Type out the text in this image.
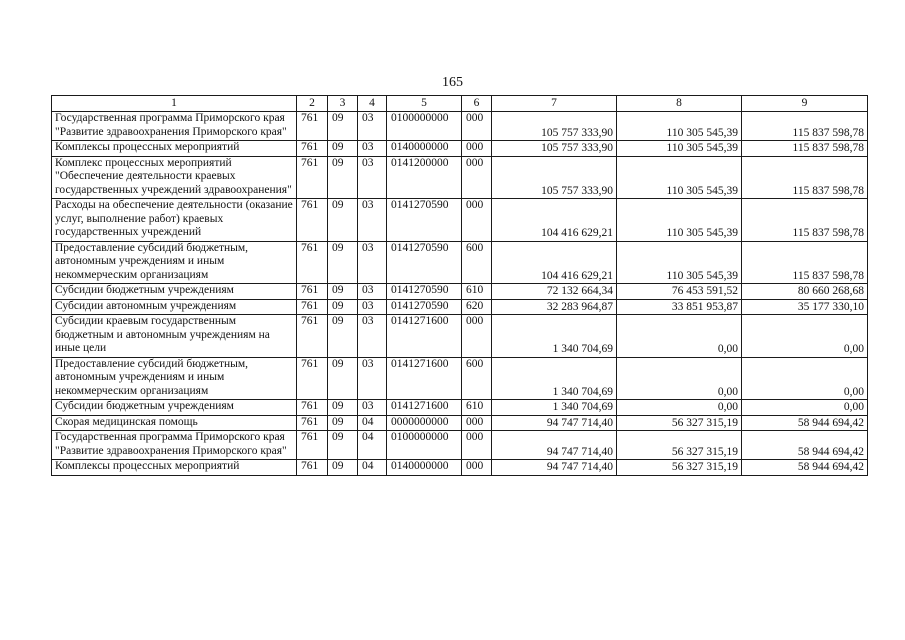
165
1	2	3	4	5	6	7	8	9
Государственная программа Приморского края "Развитие здравоохранения Приморского края"	761	09	03	0100000000	000	105 757 333,90	110 305 545,39	115 837 598,78
Комплексы процессных мероприятий	761	09	03	0140000000	000	105 757 333,90	110 305 545,39	115 837 598,78
Комплекс процессных мероприятий "Обеспечение деятельности краевых государственных учреждений здравоохранения"	761	09	03	0141200000	000	105 757 333,90	110 305 545,39	115 837 598,78
Расходы на обеспечение деятельности (оказание услуг, выполнение работ) краевых государственных учреждений	761	09	03	0141270590	000	104 416 629,21	110 305 545,39	115 837 598,78
Предоставление субсидий бюджетным, автономным учреждениям и иным некоммерческим организациям	761	09	03	0141270590	600	104 416 629,21	110 305 545,39	115 837 598,78
Субсидии бюджетным учреждениям	761	09	03	0141270590	610	72 132 664,34	76 453 591,52	80 660 268,68
Субсидии автономным учреждениям	761	09	03	0141270590	620	32 283 964,87	33 851 953,87	35 177 330,10
Субсидии краевым государственным бюджетным и автономным учреждениям на иные цели	761	09	03	0141271600	000	1 340 704,69	0,00	0,00
Предоставление субсидий бюджетным, автономным учреждениям и иным некоммерческим организациям	761	09	03	0141271600	600	1 340 704,69	0,00	0,00
Субсидии бюджетным учреждениям	761	09	03	0141271600	610	1 340 704,69	0,00	0,00
Скорая медицинская помощь	761	09	04	0000000000	000	94 747 714,40	56 327 315,19	58 944 694,42
Государственная программа Приморского края "Развитие здравоохранения Приморского края"	761	09	04	0100000000	000	94 747 714,40	56 327 315,19	58 944 694,42
Комплексы процессных мероприятий	761	09	04	0140000000	000	94 747 714,40	56 327 315,19	58 944 694,42
